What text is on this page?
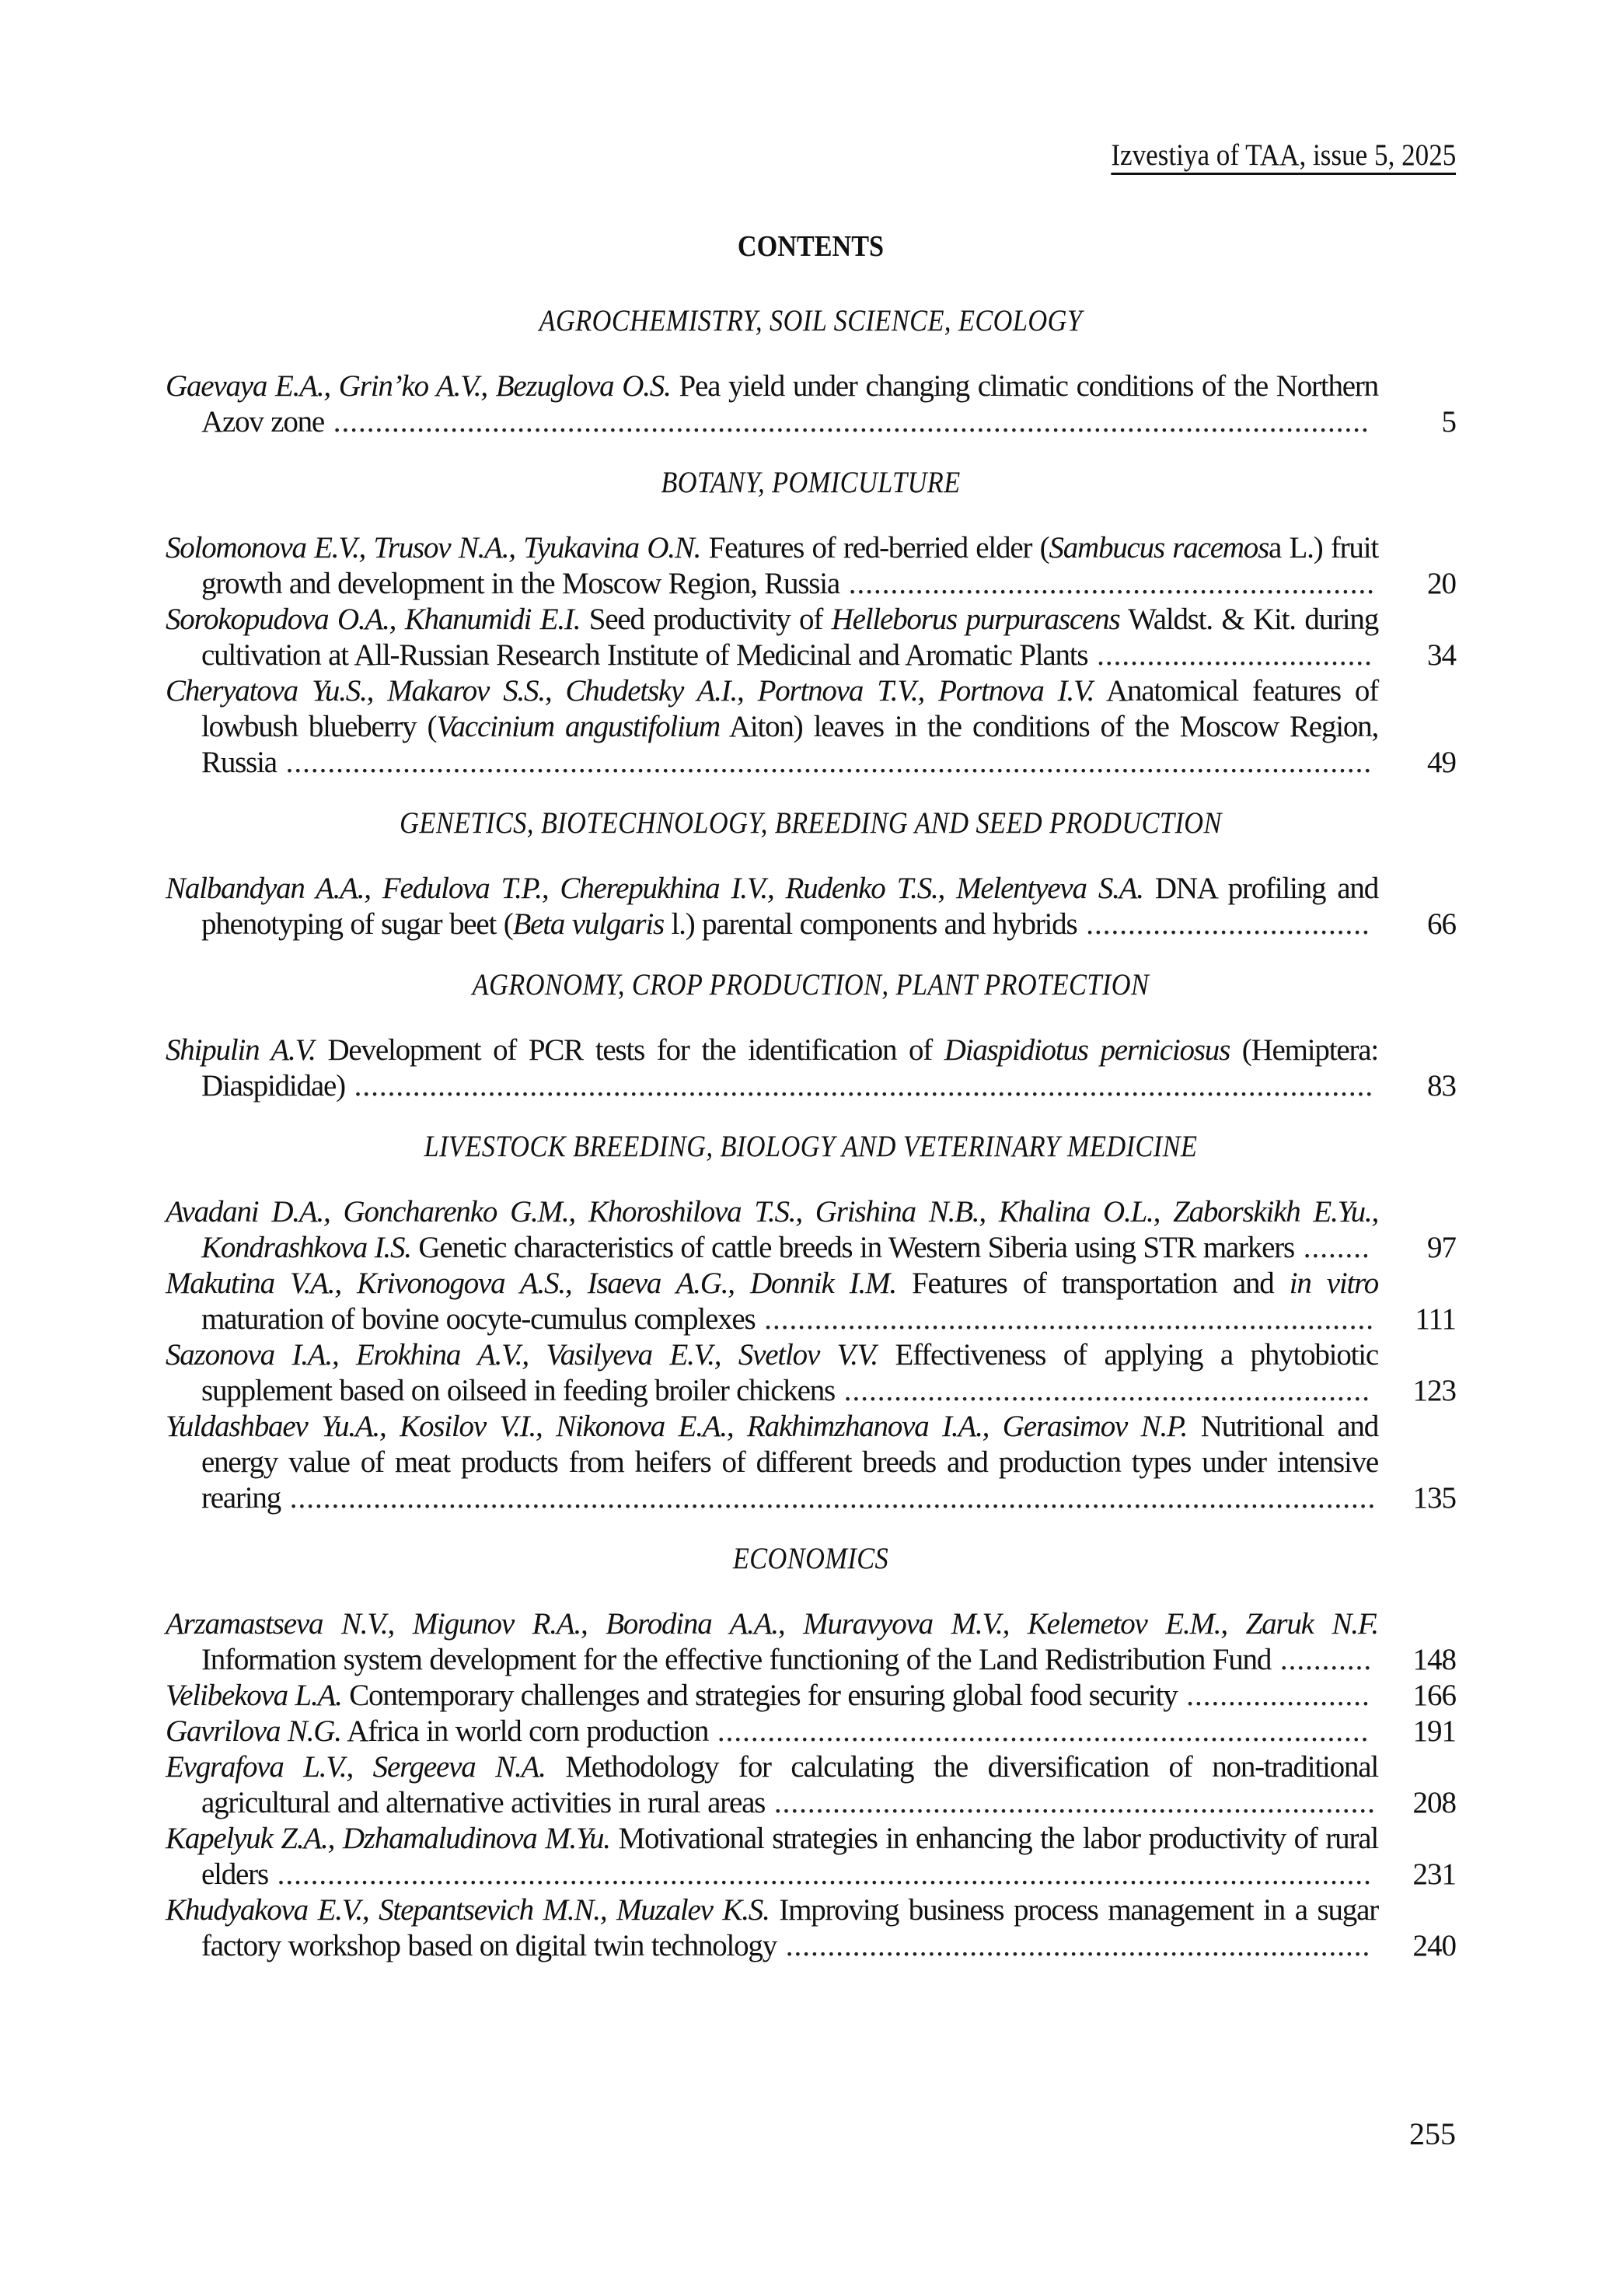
Izvestiya of TAA, issue 5, 2025
CONTENTS
AGROCHEMISTRY, SOIL SCIENCE, ECOLOGY
Gaevaya E.A., Grin’ko A.V., Bezuglova O.S. Pea yield under changing climatic conditions of the Northern Azov zone ............................................................................................................................	5
BOTANY, POMICULTURE
Solomonova E.V., Trusov N.A., Tyukavina O.N. Features of red-berried elder (Sambucus racemosa L.) fruit growth and development in the Moscow Region, Russia ...............................................................	20
Sorokopudova O.A., Khanumidi E.I. Seed productivity of Helleborus purpurascens Waldst. & Kit. during cultivation at All-Russian Research Institute of Medicinal and Aromatic Plants .................................	34
Cheryatova Yu.S., Makarov S.S., Chudetsky A.I., Portnova T.V., Portnova I.V. Anatomical features of lowbush blueberry (Vaccinium angustifolium Aiton) leaves in the conditions of the Moscow Region, Russia ..................................................................................................................................	49
GENETICS, BIOTECHNOLOGY, BREEDING AND SEED PRODUCTION
Nalbandyan A.A., Fedulova T.P., Cherepukhina I.V., Rudenko T.S., Melentyeva S.A. DNA profiling and phenotyping of sugar beet (Beta vulgaris l.) parental components and hybrids ..................................	66
AGRONOMY, CROP PRODUCTION, PLANT PROTECTION
Shipulin A.V. Development of PCR tests for the identification of Diaspidiotus perniciosus (Hemiptera: Diaspididae) ..........................................................................................................................	83
LIVESTOCK BREEDING, BIOLOGY AND VETERINARY MEDICINE
Avadani D.A., Goncharenko G.M., Khoroshilova T.S., Grishina N.B., Khalina O.L., Zaborskikh E.Yu., Kondrashkova I.S. Genetic characteristics of cattle breeds in Western Siberia using STR markers ........	97
Makutina V.A., Krivonogova A.S., Isaeva A.G., Donnik I.M. Features of transportation and in vitro maturation of bovine oocyte-cumulus complexes .........................................................................	111
Sazonova I.A., Erokhina A.V., Vasilyeva E.V., Svetlov V.V. Effectiveness of applying a phytobiotic supplement based on oilseed in feeding broiler chickens ...............................................................	123
Yuldashbaev Yu.A., Kosilov V.I., Nikonova E.A., Rakhimzhanova I.A., Gerasimov N.P. Nutritional and energy value of meat products from heifers of different breeds and production types under intensive rearing ..................................................................................................................................	135
ECONOMICS
Arzamastseva N.V., Migunov R.A., Borodina A.A., Muravyova M.V., Kelemetov E.M., Zaruk N.F. Information system development for the effective functioning of the Land Redistribution Fund ...........	148
Velibekova L.A. Contemporary challenges and strategies for ensuring global food security ......................	166
Gavrilova N.G. Africa in world corn production ..............................................................................	191
Evgrafova L.V., Sergeeva N.A. Methodology for calculating the diversification of non-traditional agricultural and alternative activities in rural areas ........................................................................	208
Kapelyuk Z.A., Dzhamaludinova M.Yu. Motivational strategies in enhancing the labor productivity of rural elders ...................................................................................................................................	231
Khudyakova E.V., Stepantsevich M.N., Muzalev K.S. Improving business process management in a sugar factory workshop based on digital twin technology ......................................................................	240
255
